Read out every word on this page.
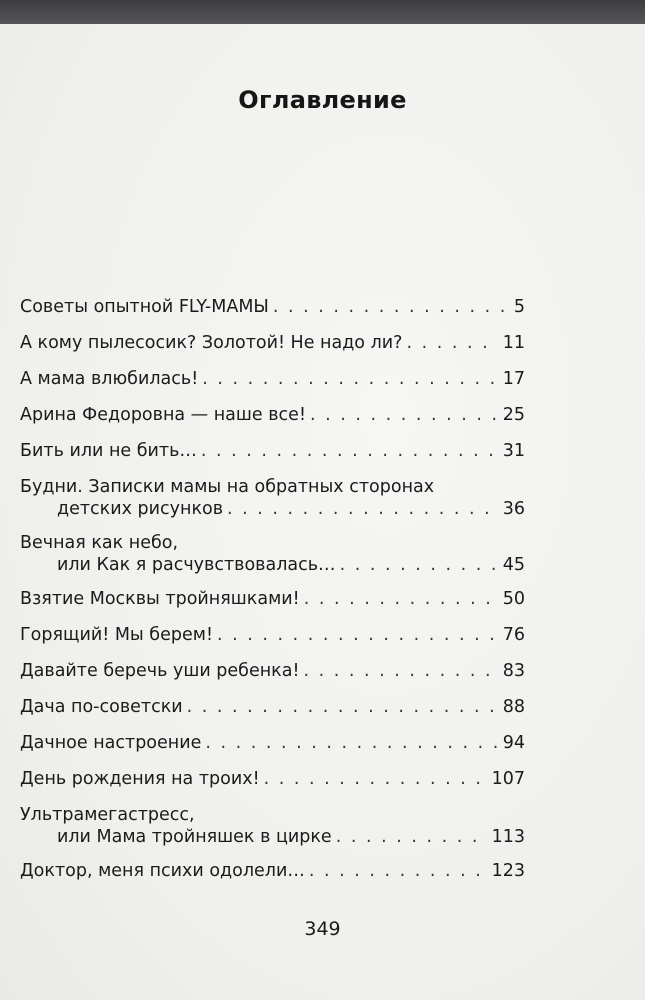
Оглавление
Советы опытной FLY-МАМЫ . . .	5
А кому пылесосик? Золотой! Не надо ли? . . .	11
А мама влюбилась! . . .	17
Арина Федоровна — наше все! . . .	25
Бить или не бить… . . .	31
Будни. Записки мамы на обратных сторонах
детских рисунков . . .	36
Вечная как небо,
или Как я расчувствовалась… . . .	45
Взятие Москвы тройняшками! . . .	50
Горящий! Мы берем! . . .	76
Давайте беречь уши ребенка! . . .	83
Дача по-советски . . .	88
Дачное настроение . . .	94
День рождения на троих! . . .	107
Ультрамегастресс,
или Мама тройняшек в цирке . . .	113
Доктор, меня психи одолели… . . .	123
349
